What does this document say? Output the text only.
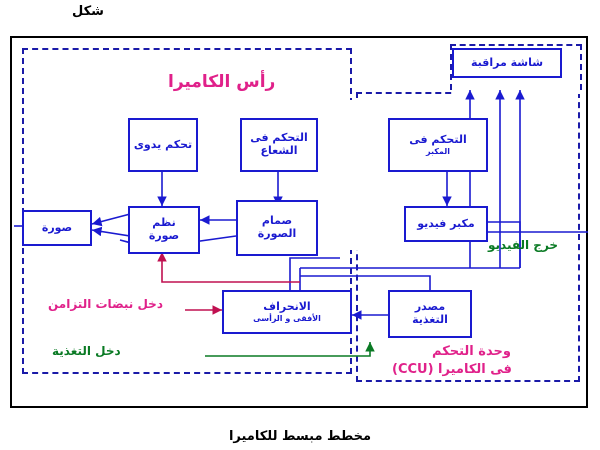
شكل
رأس الكاميرا
وحدة التحكم
فى الكاميرا (CCU)
شاشة مراقبة
تحكم يدوى	التحكم فى
الشعاع
التحكم فى
المكبر
نظم
صورة
صمام
الصورة
مكبر فيديو
صورة
الانحراف
الأفقى و الرأسى
مصدر
التغذية
دخل نبضات التزامن
دخل التغذية
خرج الفيديو
مخطط مبسط للكاميرا
